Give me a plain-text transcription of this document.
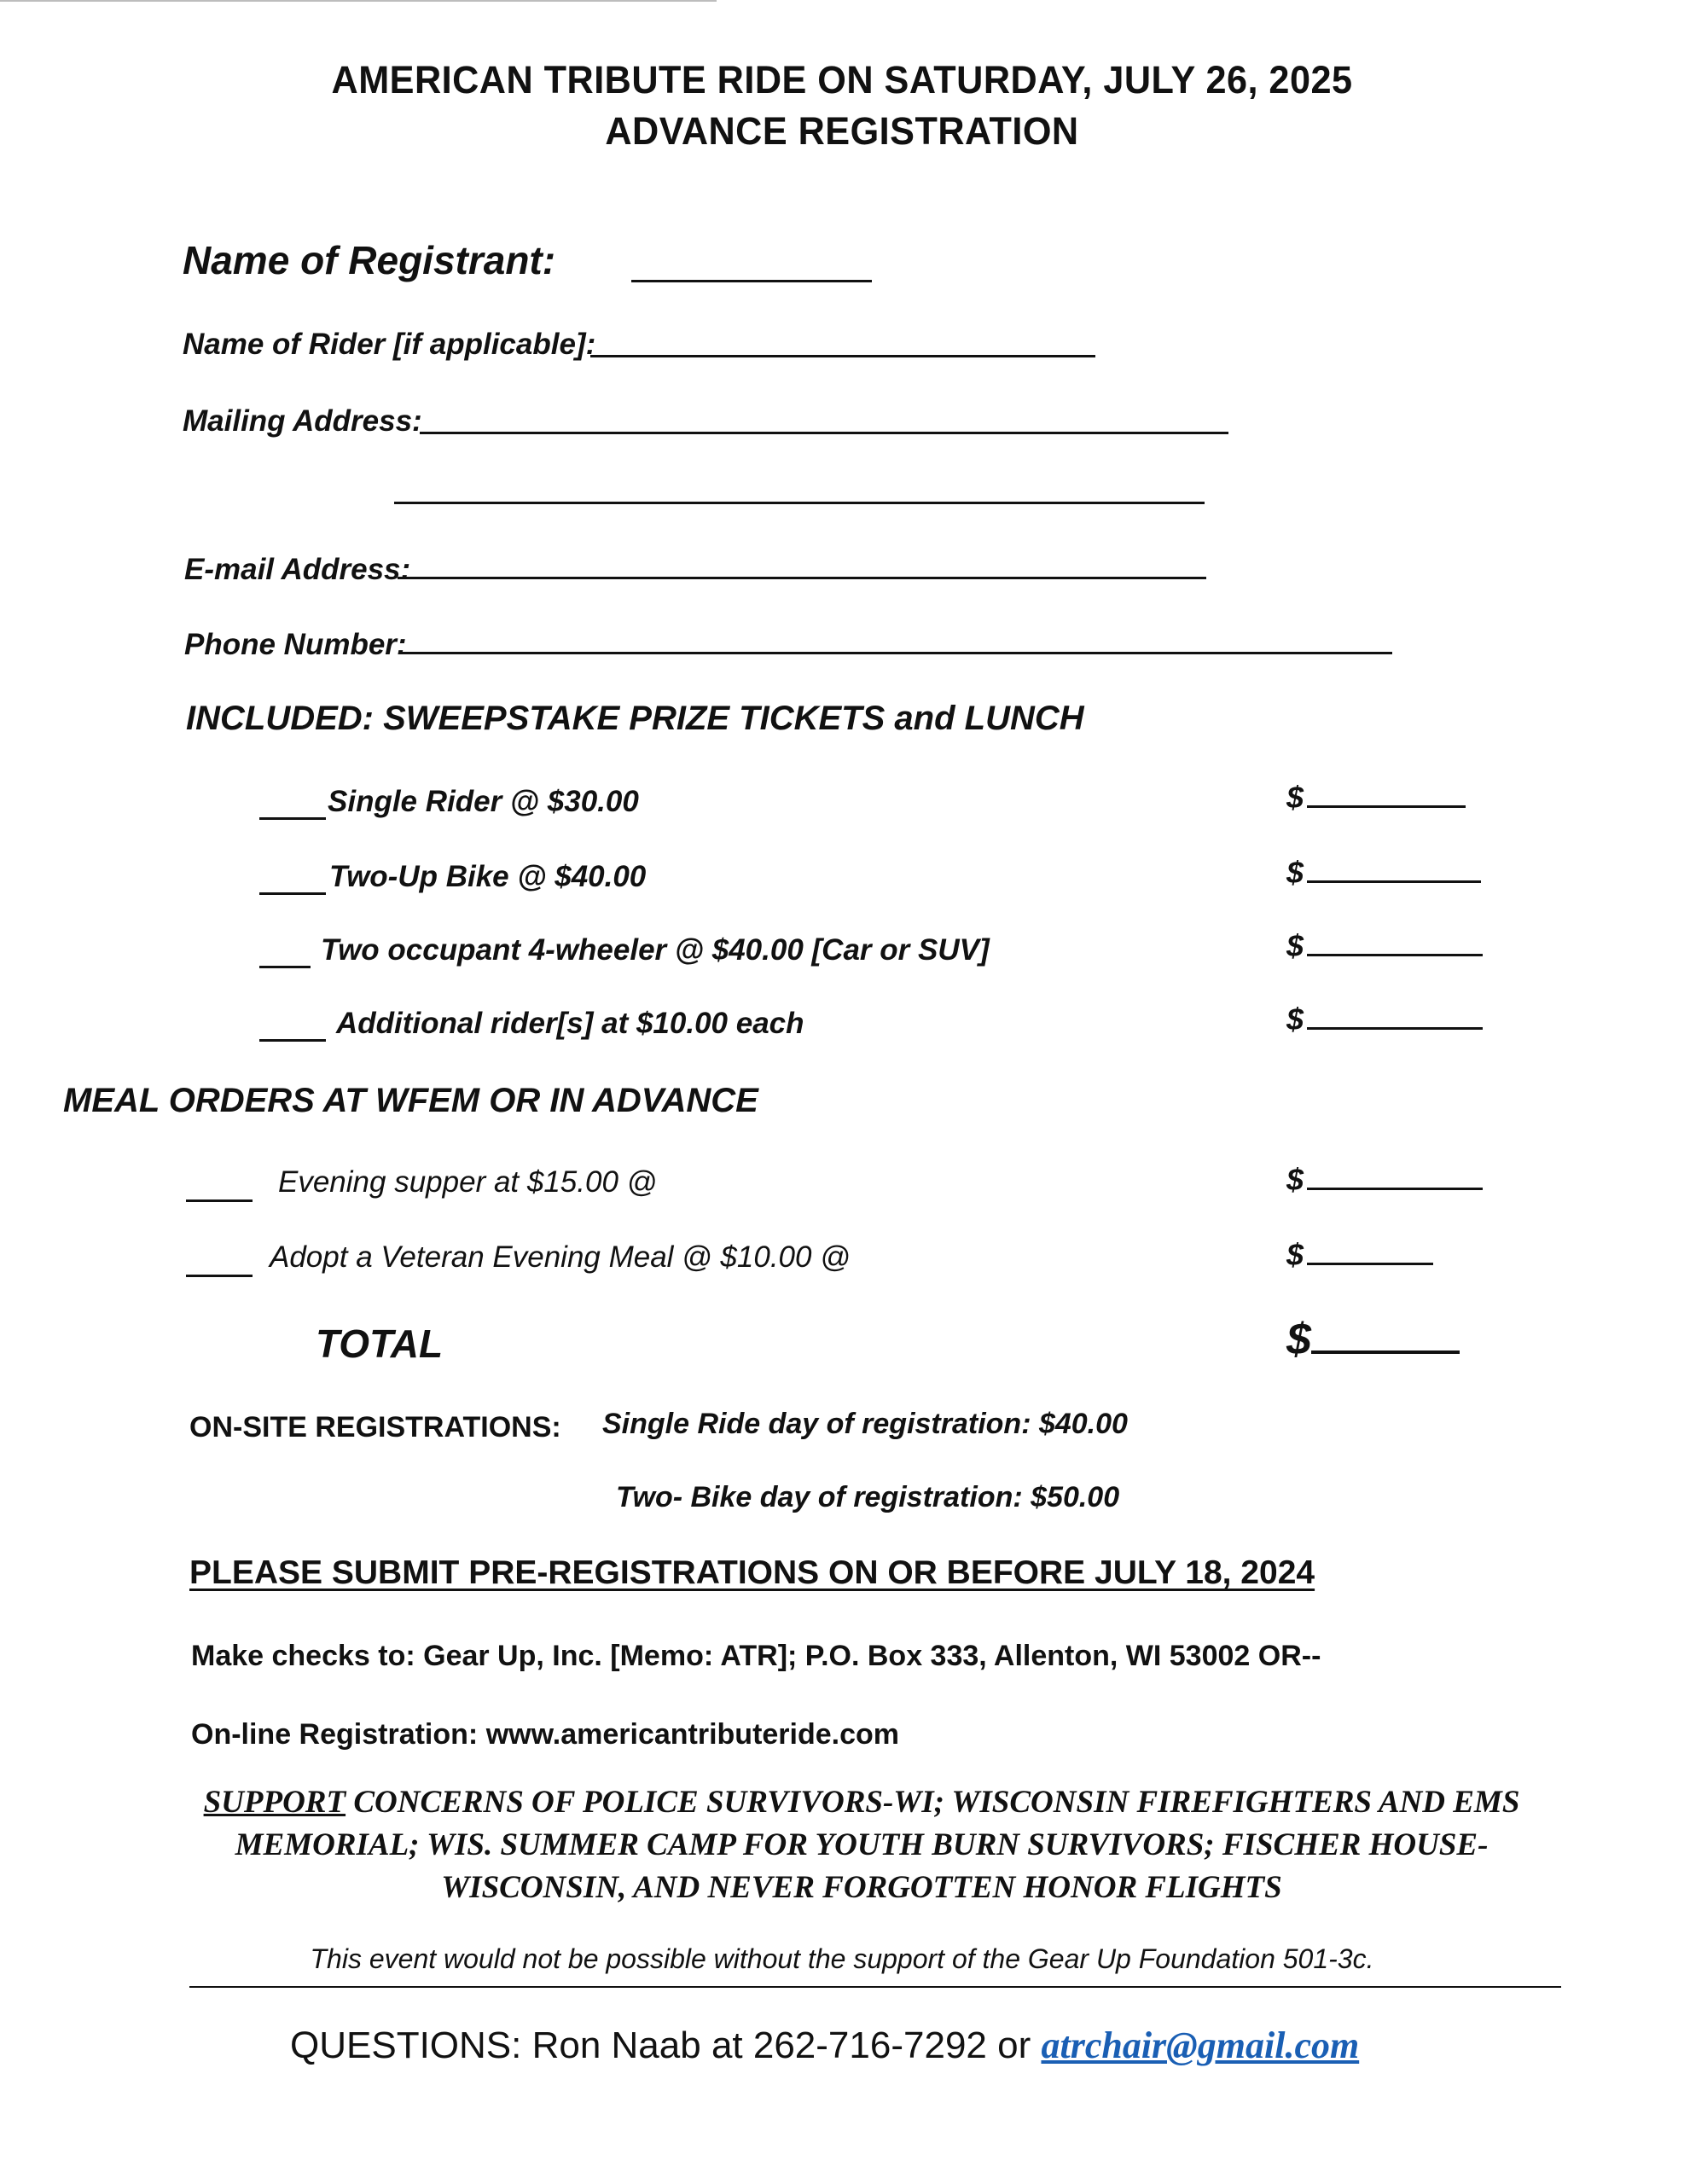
AMERICAN TRIBUTE RIDE ON SATURDAY, JULY 26, 2025
ADVANCE REGISTRATION
Name of Registrant:
Name of Rider [if applicable]:
Mailing Address:
E-mail Address:
Phone Number:
INCLUDED: SWEEPSTAKE PRIZE TICKETS and LUNCH
Single Rider @ $30.00	$
Two-Up Bike @ $40.00	$
Two occupant 4-wheeler @ $40.00 [Car or SUV]	$
Additional rider[s] at $10.00 each	$
MEAL ORDERS AT WFEM OR IN ADVANCE
Evening supper at $15.00 @	$
Adopt a Veteran Evening Meal @ $10.00 @	$
TOTAL	$
ON-SITE REGISTRATIONS: Single Ride day of registration: $40.00
Two- Bike day of registration: $50.00
PLEASE SUBMIT PRE-REGISTRATIONS ON OR BEFORE JULY 18, 2024
Make checks to: Gear Up, Inc. [Memo: ATR]; P.O. Box 333, Allenton, WI 53002 OR--
On-line Registration: www.americantributeride.com
SUPPORT CONCERNS OF POLICE SURVIVORS-WI; WISCONSIN FIREFIGHTERS AND EMS MEMORIAL; WIS. SUMMER CAMP FOR YOUTH BURN SURVIVORS; FISCHER HOUSE-WISCONSIN, AND NEVER FORGOTTEN HONOR FLIGHTS
This event would not be possible without the support of the Gear Up Foundation 501-3c.
QUESTIONS: Ron Naab at 262-716-7292 or atrchair@gmail.com
